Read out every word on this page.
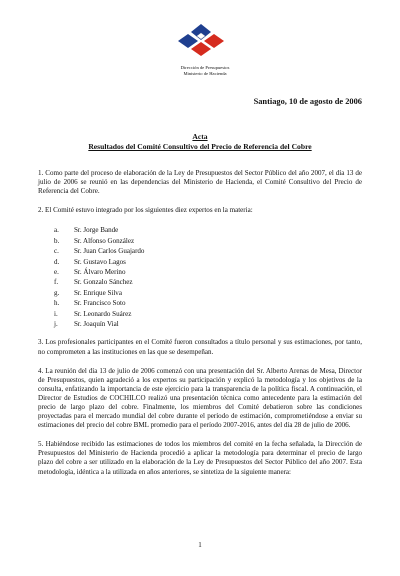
Dirección de Presupuestos
Ministerio de Hacienda
Santiago, 10 de agosto de 2006
Acta
Resultados del Comité Consultivo del Precio de Referencia del Cobre

1. Como parte del proceso de elaboración de la Ley de Presupuestos del Sector Público del año 2007, el día 13 de julio de 2006 se reunió en las dependencias del Ministerio de Hacienda, el Comité Consultivo del Precio de Referencia del Cobre.

2. El Comité estuvo integrado por los siguientes diez expertos en la materia:

a.	Sr. Jorge Bande
b.	Sr. Alfonso González
c.	Sr. Juan Carlos Guajardo
d.	Sr. Gustavo Lagos
e.	Sr. Álvaro Merino
f.	Sr. Gonzalo Sánchez
g.	Sr. Enrique Silva
h.	Sr. Francisco Soto
i.	Sr. Leonardo Suárez
j.	Sr. Joaquín Vial

3. Los profesionales participantes en el Comité fueron consultados a título personal y sus estimaciones, por tanto, no comprometen a las instituciones en las que se desempeñan.

4. La reunión del día 13 de julio de 2006 comenzó con una presentación del Sr. Alberto Arenas de Mesa, Director de Presupuestos, quien agradeció a los expertos su participación y explicó la metodología y los objetivos de la consulta, enfatizando la importancia de este ejercicio para la transparencia de la política fiscal. A continuación, el Director de Estudios de COCHILCO realizó una presentación técnica como antecedente para la estimación del precio de largo plazo del cobre. Finalmente, los miembros del Comité debatieron sobre las condiciones proyectadas para el mercado mundial del cobre durante el período de estimación, comprometiéndose a enviar su estimaciones del precio del cobre BML promedio para el período 2007-2016, antes del día 28 de julio de 2006.

5. Habiéndose recibido las estimaciones de todos los miembros del comité en la fecha señalada, la Dirección de Presupuestos del Ministerio de Hacienda procedió a aplicar la metodología para determinar el precio de largo plazo del cobre a ser utilizado en la elaboración de la Ley de Presupuestos del Sector Público del año 2007. Esta metodología, idéntica a la utilizada en años anteriores, se sintetiza de la siguiente manera:

1
